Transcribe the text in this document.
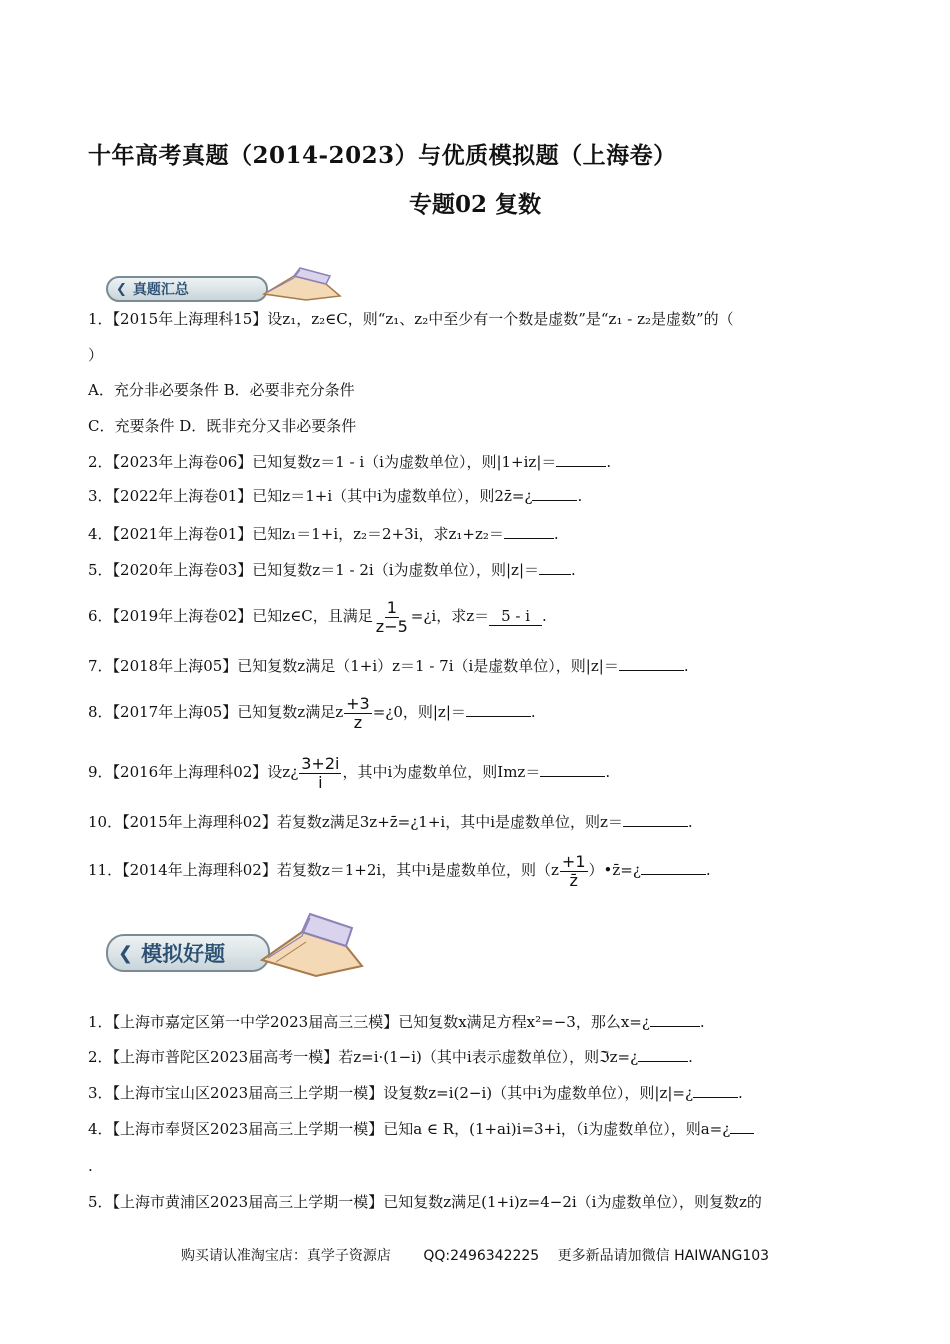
十年高考真题（2014-2023）与优质模拟题（上海卷）
专题02 复数
❮ 真题汇总
1．【2015年上海理科15】设z₁，z₂∈C，则“z₁、z₂中至少有一个数是虚数”是“z₁ - z₂是虚数”的（
）
A．充分非必要条件 B．必要非充分条件
C．充要条件 D．既非充分又非必要条件
2．【2023年上海卷06】已知复数z＝1 - i（i为虚数单位），则|1+iz|＝	.
3．【2022年上海卷01】已知z＝1+i（其中i为虚数单位），则2z̄=¿	.
4．【2021年上海卷01】已知z₁＝1+i，z₂＝2+3i，求z₁+z₂＝	.
5．【2020年上海卷03】已知复数z＝1 - 2i（i为虚数单位），则|z|＝ .
6．【2019年上海卷02】已知z∈C，且满足 $\frac{1}{z-5}$ =¿i，求z＝ 5 - i .
7．【2018年上海05】已知复数z满足（1+i）z＝1 - 7i（i是虚数单位），则|z|＝	.
8．【2017年上海05】已知复数z满足z $\frac{+3}{z}$ =¿0，则|z|＝	.
9．【2016年上海理科02】设z¿ $\frac{3+2i}{i}$ ，其中i为虚数单位，则Imz＝	.
10．【2015年上海理科02】若复数z满足3z+z̄=¿1+i，其中i是虚数单位，则z＝	.
11．【2014年上海理科02】若复数z＝1+2i，其中i是虚数单位，则（$z \frac{+1}{z̄}$ ）•z̄=¿	.
❮ 模拟好题
1．【上海市嘉定区第一中学2023届高三三模】已知复数x满足方程x²=−3，那么x=¿	.
2．【上海市普陀区2023届高考一模】若z=i·(1−i)（其中i表示虚数单位），则ℑz=¿	.
3．【上海市宝山区2023届高三上学期一模】设复数z=i(2−i)（其中i为虚数单位），则|z|=¿	.
4．【上海市奉贤区2023届高三上学期一模】已知a ∈ R，(1+ai)i=3+i，（i为虚数单位），则a=¿
.
5．【上海市黄浦区2023届高三上学期一模】已知复数z满足(1+i)z=4−2i（i为虚数单位），则复数z的
购买请认准淘宝店：真学子资源店 QQ:2496342225 更多新品请加微信 HAIWANG103
